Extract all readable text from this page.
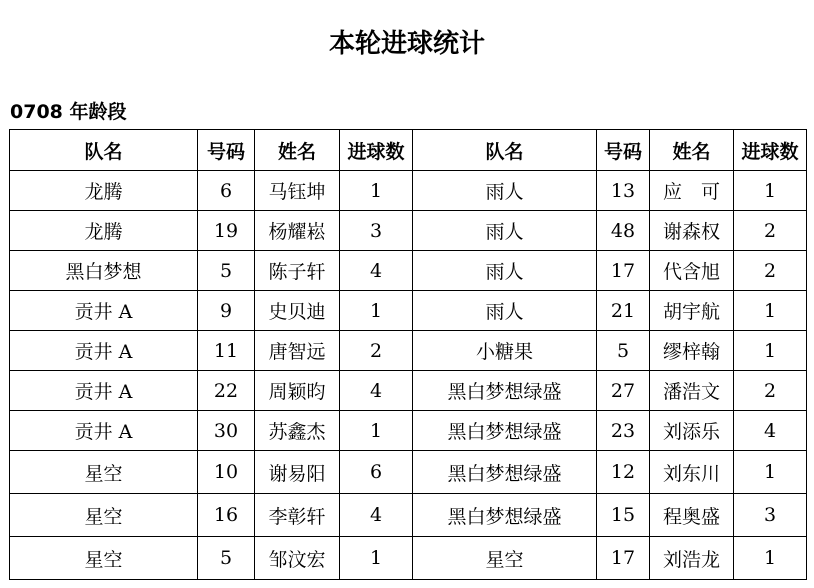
本轮进球统计
0708 年龄段
队名	号码	姓名	进球数	队名	号码	姓名	进球数
龙腾	6	马钰坤	1	雨人	13	应　可	1
龙腾	19	杨耀崧	3	雨人	48	谢森权	2
黑白梦想	5	陈子轩	4	雨人	17	代含旭	2
贡井 A	9	史贝迪	1	雨人	21	胡宇航	1
贡井 A	11	唐智远	2	小糖果	5	缪梓翰	1
贡井 A	22	周颖昀	4	黑白梦想绿盛	27	潘浩文	2
贡井 A	30	苏鑫杰	1	黑白梦想绿盛	23	刘添乐	4
星空	10	谢易阳	6	黑白梦想绿盛	12	刘东川	1
星空	16	李彰轩	4	黑白梦想绿盛	15	程奥盛	3
星空	5	邹汶宏	1	星空	17	刘浩龙	1
